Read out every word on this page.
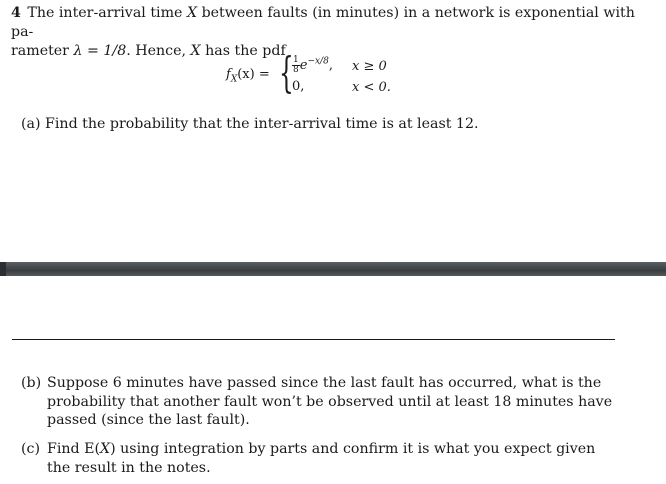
4 The inter-arrival time X between faults (in minutes) in a network is exponential with pa-
rameter λ = 1/8. Hence, X has the pdf
$f_X(x)$ = {
$\frac{1}{8} e^{-x/8}$,
0,
x ≥ 0
x < 0.
(a) Find the probability that the inter-arrival time is at least 12.
(b) Suppose 6 minutes have passed since the last fault has occurred, what is the probability that another fault won’t be observed until at least 18 minutes have passed (since the last fault).
(c) Find E(X) using integration by parts and confirm it is what you expect given the result in the notes.
